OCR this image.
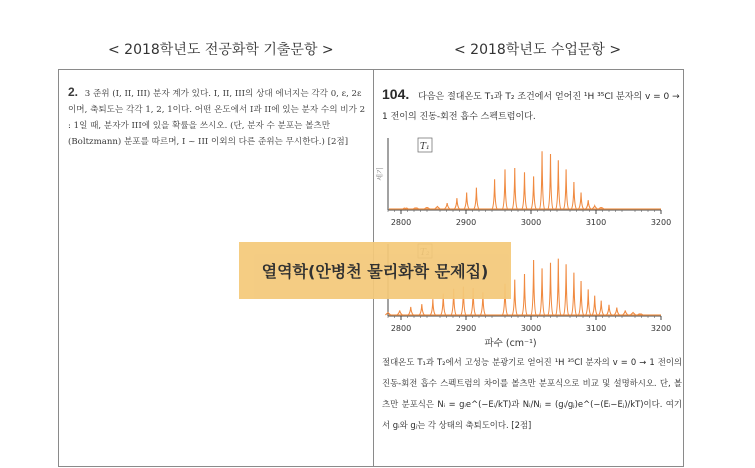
< 2018학년도 전공화학 기출문항 >	< 2018학년도 수업문항 >
2. 3 준위 (I, II, III) 분자 계가 있다. I, II, III의 상대 에너지는 각각 0, ε, 2ε이며, 축퇴도는 각각 1, 2, 1이다. 어떤 온도에서 I과 II에 있는 분자 수의 비가 2 : 1일 때, 분자가 III에 있을 확률을 쓰시오. (단, 분자 수 분포는 볼츠만(Boltzmann) 분포를 따르며, I ~ III 이외의 다른 준위는 무시한다.) [2점]
104. 다음은 절대온도 T₁과 T₂ 조건에서 얻어진 ¹H ³⁵Cl 분자의 v = 0 → 1 전이의 진동-회전 흡수 스펙트럼이다.
2800	2900	3000	3100	3200
T₁
세기
2800	2900	3000	3100	3200
파수 (cm⁻¹)
절대온도 T₁과 T₂에서 고성능 분광기로 얻어진 ¹H ³⁵Cl 분자의 v = 0 → 1 전이의 진동-회전 흡수 스펙트럼의 차이를 볼츠만 분포식으로 비교 및 설명하시오. 단, 볼츠만 분포식은 Nᵢ = gᵢe^(−Eᵢ/kT)과 Nᵢ/Nⱼ = (gᵢ/gⱼ)e^(−(Eᵢ−Eⱼ)/kT)이다. 여기서 gᵢ와 gⱼ는 각 상태의 축퇴도이다. [2점]
열역학(안병천 물리화학 문제집)
